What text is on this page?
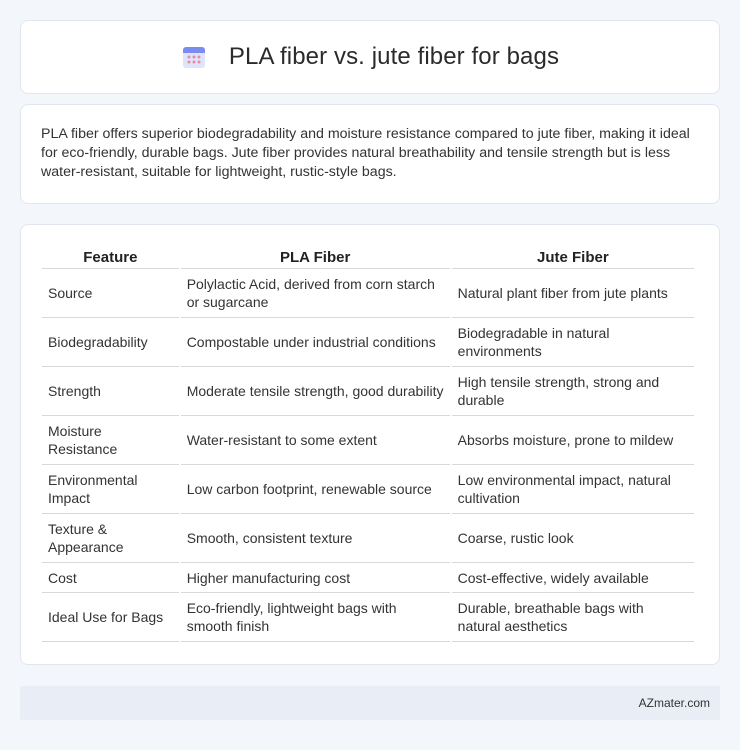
PLA fiber vs. jute fiber for bags

PLA fiber offers superior biodegradability and moisture resistance compared to jute fiber, making it ideal for eco-friendly, durable bags. Jute fiber provides natural breathability and tensile strength but is less water-resistant, suitable for lightweight, rustic-style bags.

Feature	PLA Fiber	Jute Fiber
Source	Polylactic Acid, derived from corn starch or sugarcane	Natural plant fiber from jute plants
Biodegradability	Compostable under industrial conditions	Biodegradable in natural environments
Strength	Moderate tensile strength, good durability	High tensile strength, strong and durable
Moisture Resistance	Water-resistant to some extent	Absorbs moisture, prone to mildew
Environmental Impact	Low carbon footprint, renewable source	Low environmental impact, natural cultivation
Texture & Appearance	Smooth, consistent texture	Coarse, rustic look
Cost	Higher manufacturing cost	Cost-effective, widely available
Ideal Use for Bags	Eco-friendly, lightweight bags with smooth finish	Durable, breathable bags with natural aesthetics
AZmater.com
